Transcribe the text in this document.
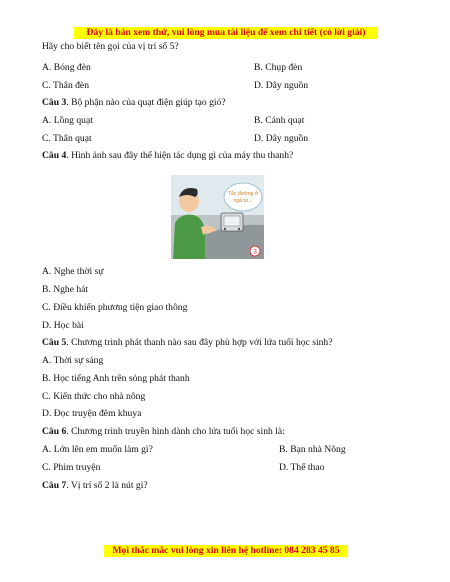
Đây là bản xem thử, vui lòng mua tài liệu để xem chi tiết (có lời giải)
Hãy cho biết tên gọi của vị trí số 5?
A. Bóng đèn	B. Chụp đèn
C. Thân đèn	D. Dây nguồn
Câu 3. Bộ phận nào của quạt điện giúp tạo gió?
A. Lồng quạt	B. Cánh quạt
C. Thân quạt	D. Dây nguồn
Câu 4. Hình ảnh sau đây thể hiện tác dụng gì của máy thu thanh?
Tắc đường ở
ngã tư...
3
A. Nghe thời sự
B. Nghe hát
C. Điều khiển phương tiện giao thông
D. Học bài
Câu 5. Chương trình phát thanh nào sau đây phù hợp với lứa tuổi học sinh?
A. Thời sự sáng
B. Học tiếng Anh trên sóng phát thanh
C. Kiến thức cho nhà nông
D. Đọc truyện đêm khuya
Câu 6. Chương trình truyền hình dành cho lứa tuổi học sinh là:
A. Lớn lên em muốn làm gì?	B. Bạn nhà Nông
C. Phim truyện	D. Thể thao
Câu 7. Vị trí số 2 là nút gì?
Mọi thắc mắc vui lòng xin liên hệ hotline: 084 283 45 85
